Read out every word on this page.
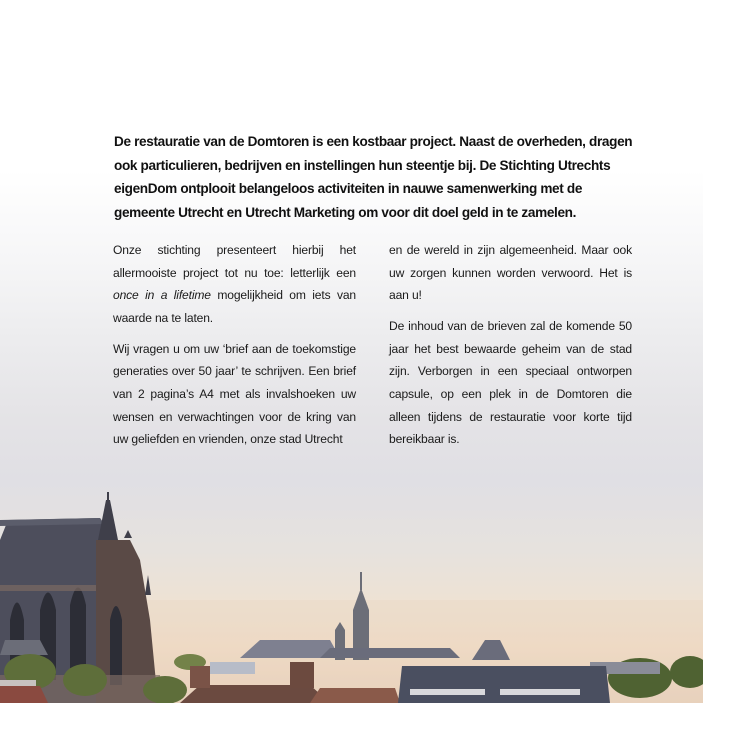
De restauratie van de Domtoren is een kostbaar project. Naast de overheden, dragen ook particulieren, bedrijven en instellingen hun steentje bij. De Stichting Utrechts eigenDom ontplooit belangeloos activiteiten in nauwe samenwerking met de gemeente Utrecht en Utrecht Marketing om voor dit doel geld in te zamelen.

Onze stichting presenteert hierbij het allermooiste project tot nu toe: letterlijk een once in a lifetime mogelijkheid om iets van waarde na te laten.

Wij vragen u om uw ‘brief aan de toekomstige generaties over 50 jaar’ te schrijven. Een brief van 2 pagina’s A4 met als invalshoeken uw wensen en verwachtingen voor de kring van uw geliefden en vrienden, onze stad Utrecht

en de wereld in zijn algemeenheid. Maar ook uw zorgen kunnen worden verwoord. Het is aan u!

De inhoud van de brieven zal de komende 50 jaar het best bewaarde geheim van de stad zijn. Verborgen in een speciaal ontworpen capsule, op een plek in de Domtoren die alleen tijdens de restauratie voor korte tijd bereikbaar is.
